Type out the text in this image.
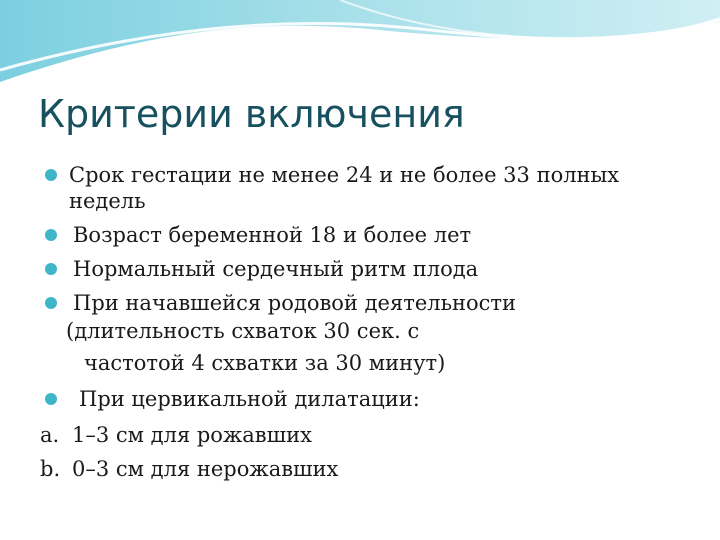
Критерии включения
Срок гестации не менее 24 и не более 33 полных
недель
Возраст беременной 18 и более лет
Нормальный сердечный ритм плода
При начавшейся родовой деятельности
(длительность схваток 30 сек. с
частотой 4 схватки за 30 минут)
При цервикальной дилатации:
a. 1–3 см для рожавших
b. 0–3 см для нерожавших
